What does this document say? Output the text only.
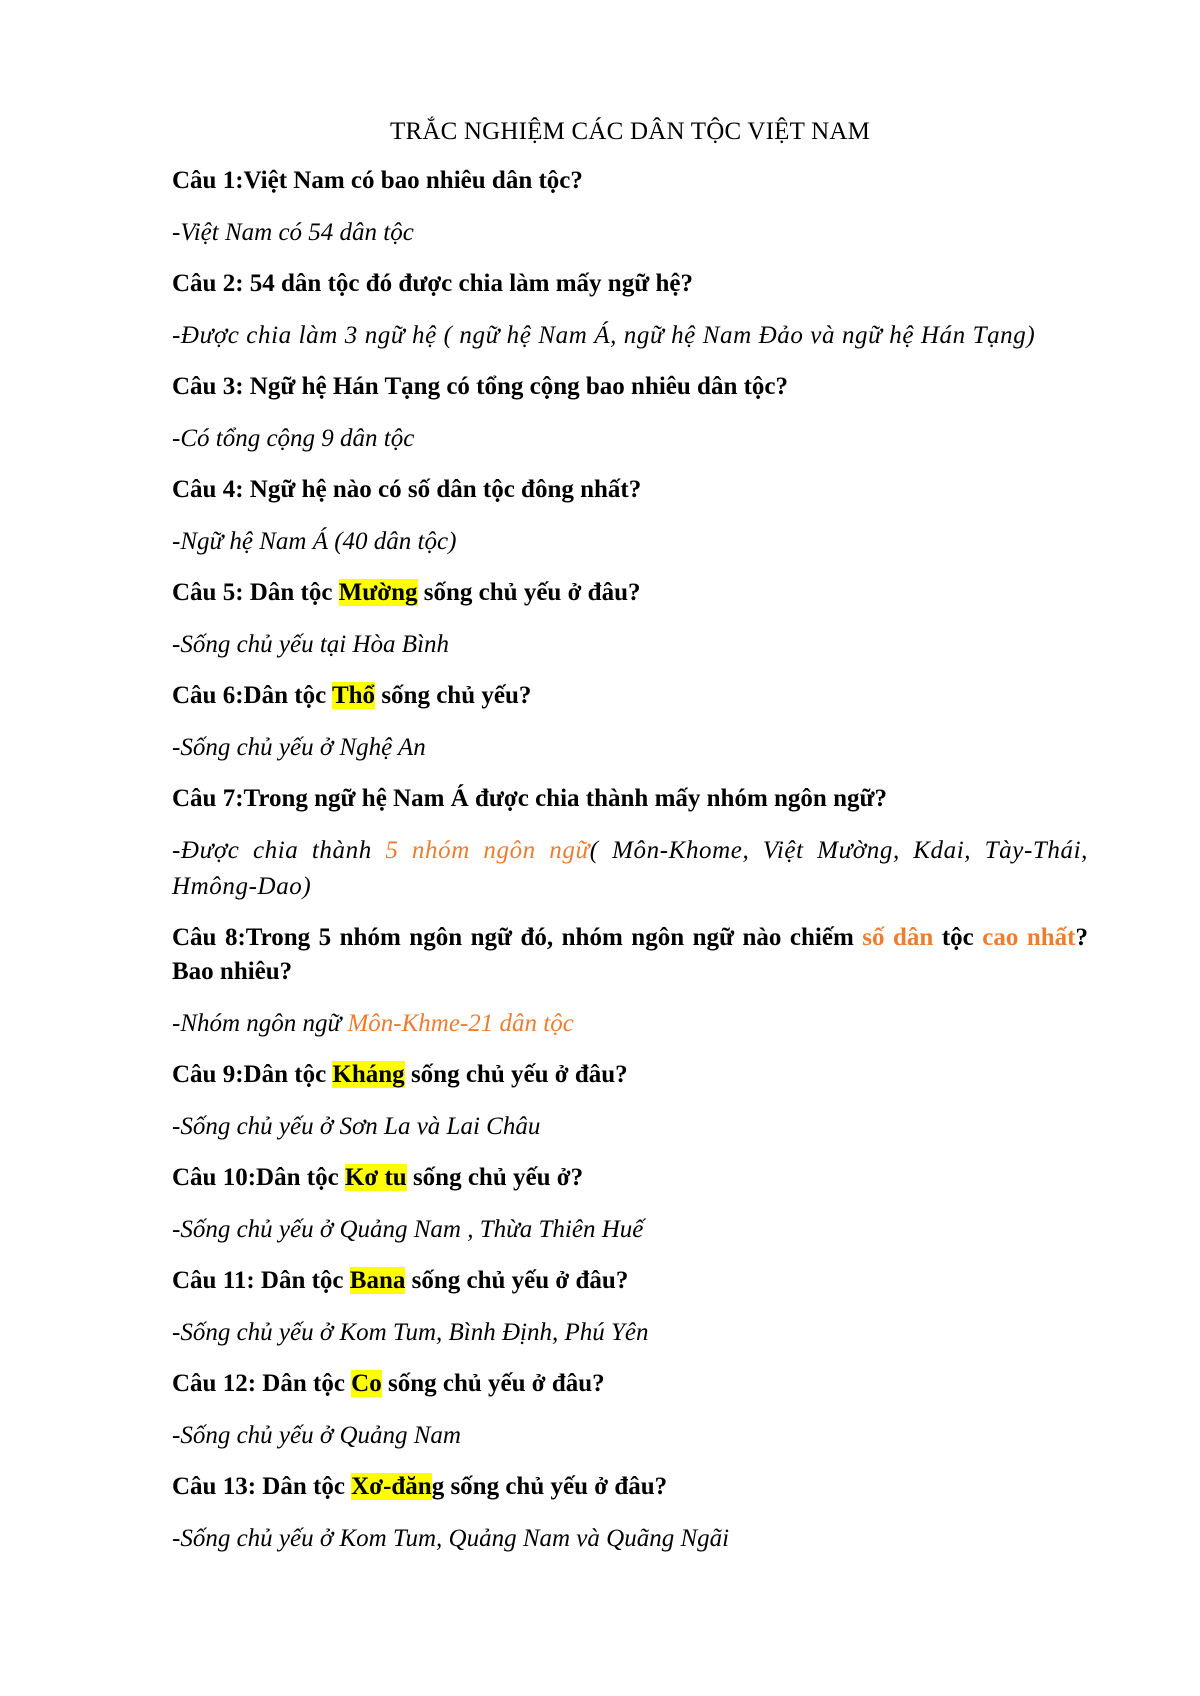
TRẮC NGHIỆM CÁC DÂN TỘC VIỆT NAM
Câu 1:Việt Nam có bao nhiêu dân tộc?
-Việt Nam có 54 dân tộc
Câu 2: 54 dân tộc đó được chia làm mấy ngữ hệ?
-Được chia làm 3 ngữ hệ ( ngữ hệ Nam Á, ngữ hệ Nam Đảo và ngữ hệ Hán Tạng)
Câu 3: Ngữ hệ Hán Tạng có tổng cộng bao nhiêu dân tộc?
-Có tổng cộng 9 dân tộc
Câu 4: Ngữ hệ nào có số dân tộc đông nhất?
-Ngữ hệ Nam Á (40 dân tộc)
Câu 5: Dân tộc Mường sống chủ yếu ở đâu?
-Sống chủ yếu tại Hòa Bình
Câu 6:Dân tộc Thổ sống chủ yếu?
-Sống chủ yếu ở Nghệ An
Câu 7:Trong ngữ hệ Nam Á được chia thành mấy nhóm ngôn ngữ?
-Được chia thành 5 nhóm ngôn ngữ( Môn-Khome, Việt Mường, Kdai, Tày-Thái, Hmông-Dao)
Câu 8:Trong 5 nhóm ngôn ngữ đó, nhóm ngôn ngữ nào chiếm số dân tộc cao nhất?Bao nhiêu?
-Nhóm ngôn ngữ Môn-Khme-21 dân tộc
Câu 9:Dân tộc Kháng sống chủ yếu ở đâu?
-Sống chủ yếu ở Sơn La và Lai Châu
Câu 10:Dân tộc Kơ tu sống chủ yếu ở?
-Sống chủ yếu ở Quảng Nam , Thừa Thiên Huế
Câu 11: Dân tộc Bana sống chủ yếu ở đâu?
-Sống chủ yếu ở Kom Tum, Bình Định, Phú Yên
Câu 12: Dân tộc Co sống chủ yếu ở đâu?
-Sống chủ yếu ở Quảng Nam
Câu 13: Dân tộc Xơ-đăng sống chủ yếu ở đâu?
-Sống chủ yếu ở Kom Tum, Quảng Nam và Quãng Ngãi
